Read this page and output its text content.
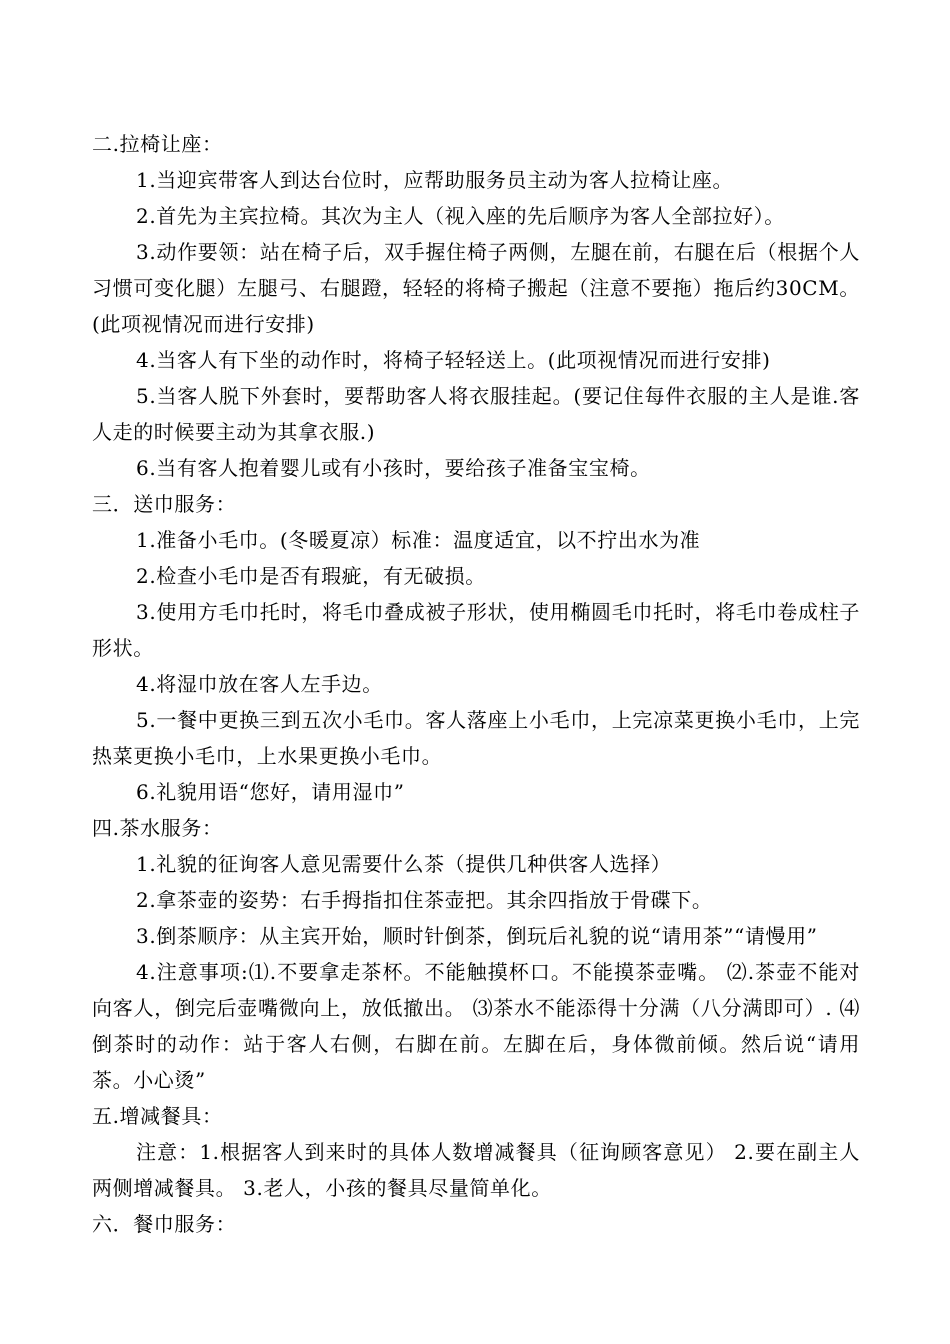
二.拉椅让座：

1.当迎宾带客人到达台位时，应帮助服务员主动为客人拉椅让座。

2.首先为主宾拉椅。其次为主人（视入座的先后顺序为客人全部拉好）。

3.动作要领：站在椅子后，双手握住椅子两侧，左腿在前，右腿在后（根据个人习惯可变化腿）左腿弓、右腿蹬，轻轻的将椅子搬起（注意不要拖）拖后约30CM。(此项视情况而进行安排)

4.当客人有下坐的动作时，将椅子轻轻送上。(此项视情况而进行安排)

5.当客人脱下外套时，要帮助客人将衣服挂起。(要记住每件衣服的主人是谁.客人走的时候要主动为其拿衣服.)

6.当有客人抱着婴儿或有小孩时，要给孩子准备宝宝椅。

三．送巾服务：

1.准备小毛巾。(冬暖夏凉）标准：温度适宜，以不拧出水为准

2.检查小毛巾是否有瑕疵，有无破损。

3.使用方毛巾托时，将毛巾叠成被子形状，使用椭圆毛巾托时，将毛巾卷成柱子形状。

4.将湿巾放在客人左手边。

5.一餐中更换三到五次小毛巾。客人落座上小毛巾，上完凉菜更换小毛巾，上完热菜更换小毛巾，上水果更换小毛巾。

6.礼貌用语“您好，请用湿巾”

四.茶水服务：

1.礼貌的征询客人意见需要什么茶（提供几种供客人选择）

2.拿茶壶的姿势：右手拇指扣住茶壶把。其余四指放于骨碟下。

3.倒茶顺序：从主宾开始，顺时针倒茶，倒玩后礼貌的说“请用茶”“请慢用”

4.注意事项:⑴.不要拿走茶杯。不能触摸杯口。不能摸茶壶嘴。 ⑵.茶壶不能对向客人，倒完后壶嘴微向上，放低撤出。 ⑶茶水不能添得十分满（八分满即可）. ⑷倒茶时的动作：站于客人右侧，右脚在前。左脚在后，身体微前倾。然后说“请用茶。小心烫”

五.增减餐具：

注意：1.根据客人到来时的具体人数增减餐具（征询顾客意见） 2.要在副主人两侧增减餐具。 3.老人，小孩的餐具尽量简单化。

六．餐巾服务：
